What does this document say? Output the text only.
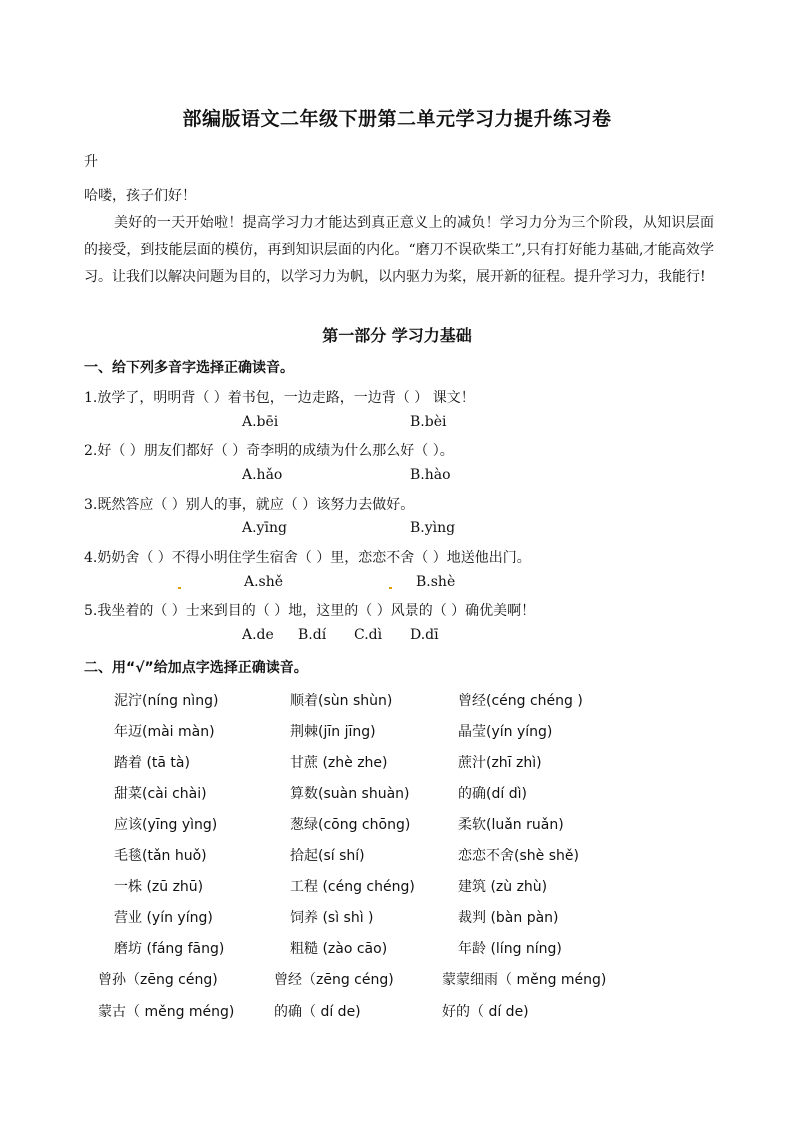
部编版语文二年级下册第二单元学习力提升练习卷
升
哈喽，孩子们好！

美好的一天开始啦！提高学习力才能达到真正意义上的减负！学习力分为三个阶段，从知识层面的接受，到技能层面的模仿，再到知识层面的内化。“磨刀不误砍柴工”,只有打好能力基础,才能高效学习。让我们以解决问题为目的，以学习力为帆，以内驱力为桨，展开新的征程。提升学习力，我能行!

第一部分 学习力基础
一、给下列多音字选择正确读音。
1.放学了，明明背（ ）着书包，一边走路，一边背（ ） 课文！
A.bēi	B.bèi
2.好（ ）朋友们都好（ ）奇李明的成绩为什么那么好（ ）。
A.hǎo	B.hào
3.既然答应（ ）别人的事，就应（ ）该努力去做好。
A.yīng	B.yìng
4.奶奶舍（ ）不得小明住学生宿舍（ ）里，恋恋不舍（ ）地送他出门。
A.shě	B.shè
5.我坐着的（ ）士来到目的（ ）地，这里的（ ）风景的（ ）确优美啊！
A.de B.dí C.dì D.dī
二、用“√”给加点字选择正确读音。
泥泞(níng nìng)	顺着(sùn shùn)	曾经(céng chéng )
年迈(mài màn)	荆棘(jīn jīng)	晶莹(yín yíng)
踏着 (tā tà)	甘蔗 (zhè zhe)	蔗汁(zhī zhì)
甜菜(cài chài)	算数(suàn shuàn)	的确(dí dì)
应该(yīng yìng)	葱绿(cōng chōng)	柔软(luǎn ruǎn)
毛毯(tǎn huǒ)	拾起(sí shí)	恋恋不舍(shè shě)
一株 (zū zhū)	工程 (céng chéng)	建筑 (zù zhù)
营业 (yín yíng)	饲养 (sì shì )	裁判 (bàn pàn)
磨坊 (fáng fāng)	粗糙 (zào cāo)	年龄 (líng níng)
曾孙（zēng céng)	曾经（zēng céng)	蒙蒙细雨（ měng méng)
蒙古（ měng méng)	的确（ dí de)	好的（ dí de)
